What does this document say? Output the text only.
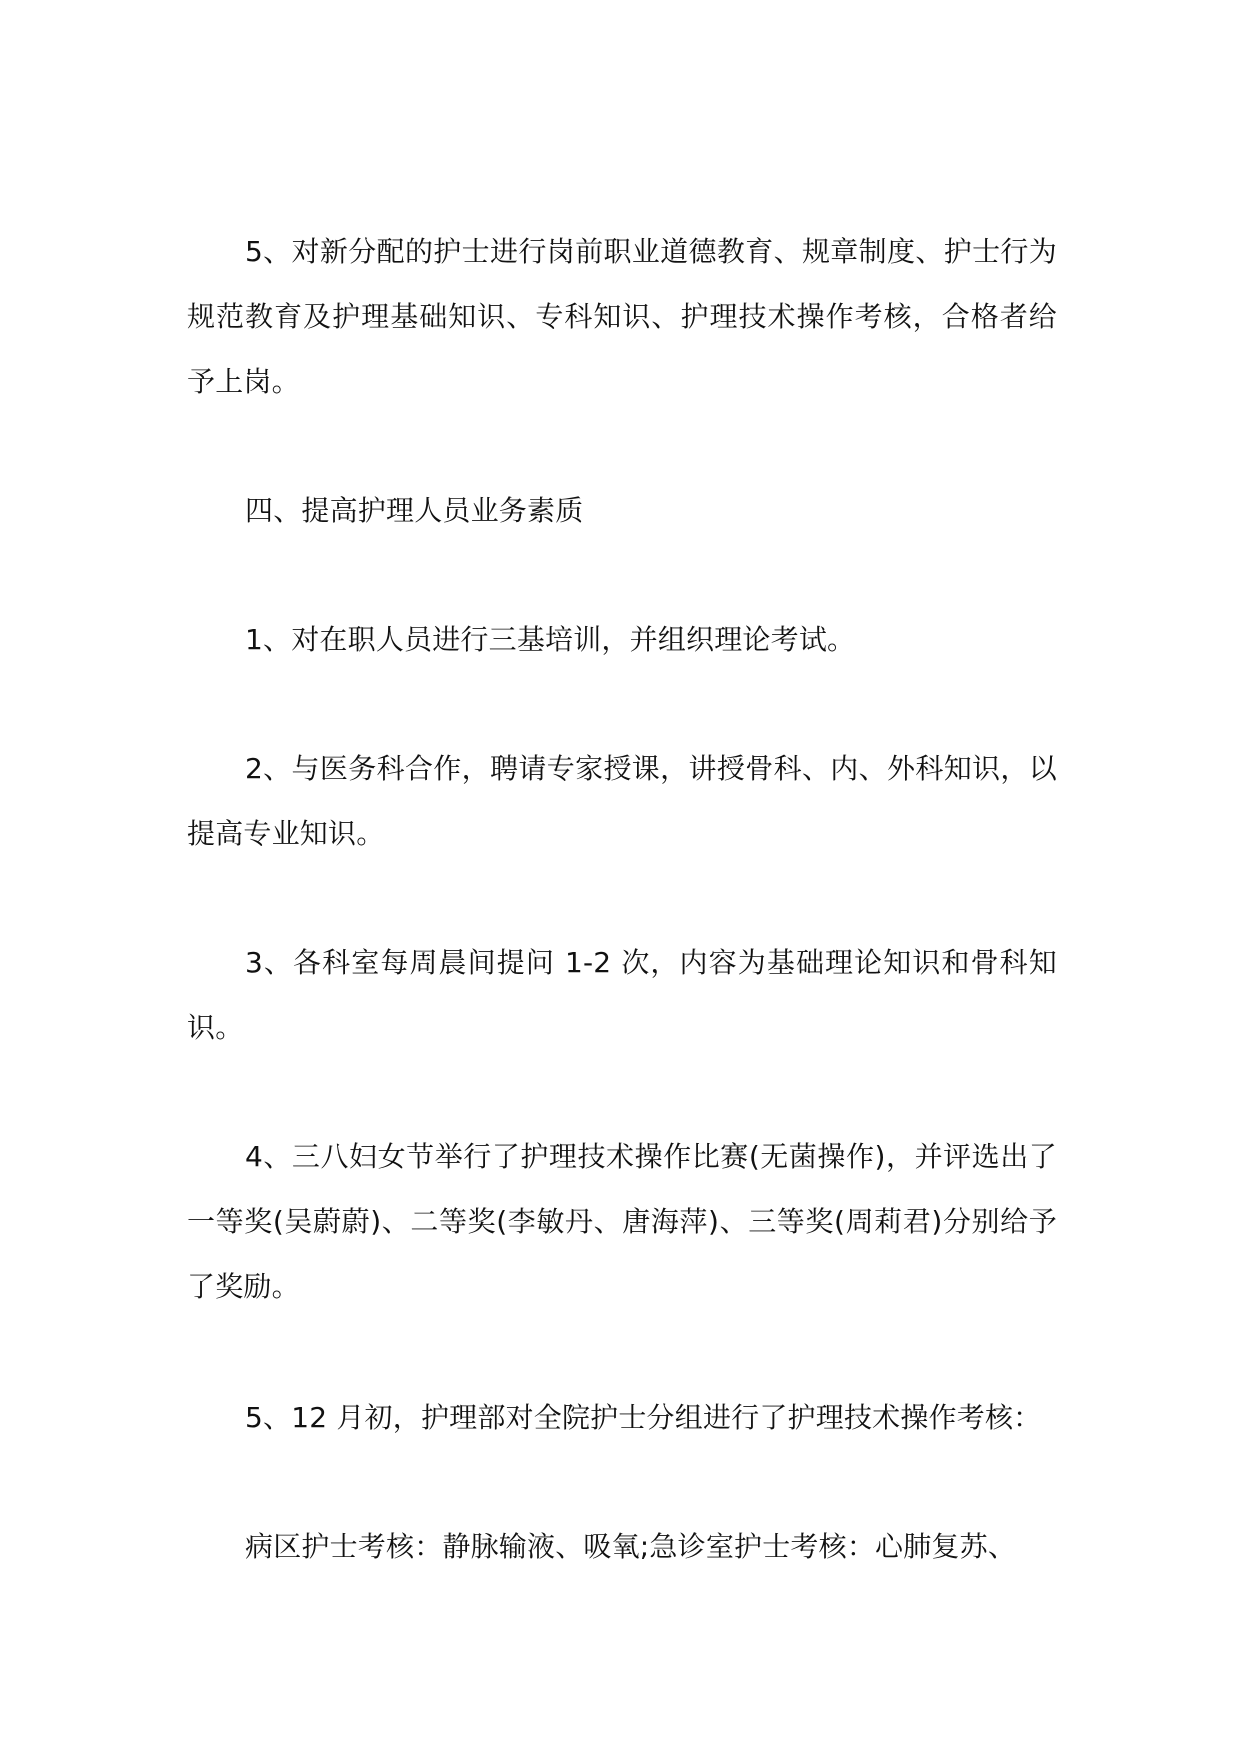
5、对新分配的护士进行岗前职业道德教育、规章制度、护士行为规范教育及护理基础知识、专科知识、护理技术操作考核，合格者给予上岗。

四、提高护理人员业务素质

1、对在职人员进行三基培训，并组织理论考试。

2、与医务科合作，聘请专家授课，讲授骨科、内、外科知识，以提高专业知识。

3、各科室每周晨间提问 1-2 次，内容为基础理论知识和骨科知识。

4、三八妇女节举行了护理技术操作比赛(无菌操作)，并评选出了一等奖(吴蔚蔚)、二等奖(李敏丹、唐海萍)、三等奖(周莉君)分别给予了奖励。

5、12 月初，护理部对全院护士分组进行了护理技术操作考核：

病区护士考核：静脉输液、吸氧;急诊室护士考核：心肺复苏、
